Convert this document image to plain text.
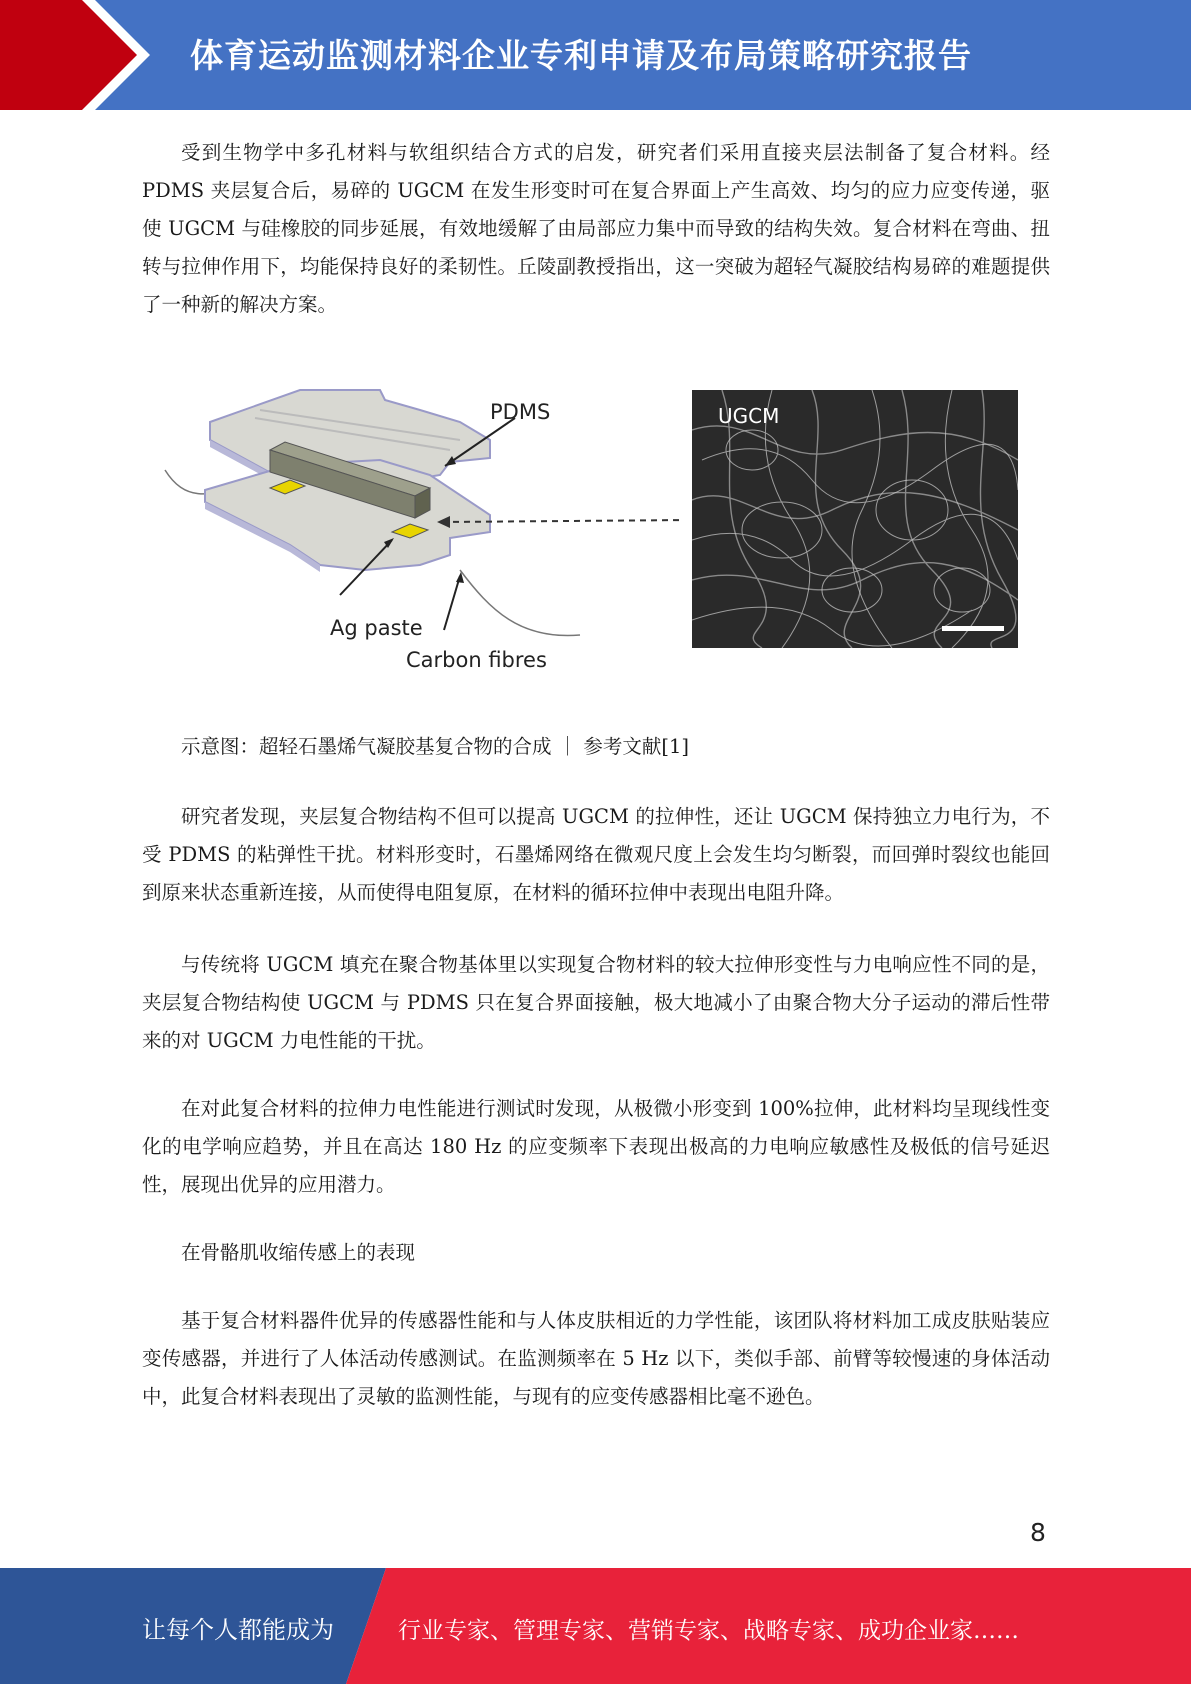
体育运动监测材料企业专利申请及布局策略研究报告

受到生物学中多孔材料与软组织结合方式的启发，研究者们采用直接夹层法制备了复合材料。经 PDMS 夹层复合后，易碎的 UGCM 在发生形变时可在复合界面上产生高效、均匀的应力应变传递，驱使 UGCM 与硅橡胶的同步延展，有效地缓解了由局部应力集中而导致的结构失效。复合材料在弯曲、扭转与拉伸作用下，均能保持良好的柔韧性。丘陵副教授指出，这一突破为超轻气凝胶结构易碎的难题提供了一种新的解决方案。

UGCM
PDMS
Ag paste
Carbon fibres

示意图：超轻石墨烯气凝胶基复合物的合成 ｜ 参考文献[1]

研究者发现，夹层复合物结构不但可以提高 UGCM 的拉伸性，还让 UGCM 保持独立力电行为，不受 PDMS 的粘弹性干扰。材料形变时，石墨烯网络在微观尺度上会发生均匀断裂，而回弹时裂纹也能回到原来状态重新连接，从而使得电阻复原，在材料的循环拉伸中表现出电阻升降。

与传统将 UGCM 填充在聚合物基体里以实现复合物材料的较大拉伸形变性与力电响应性不同的是，夹层复合物结构使 UGCM 与 PDMS 只在复合界面接触，极大地减小了由聚合物大分子运动的滞后性带来的对 UGCM 力电性能的干扰。

在对此复合材料的拉伸力电性能进行测试时发现，从极微小形变到 100%拉伸，此材料均呈现线性变化的电学响应趋势，并且在高达 180 Hz 的应变频率下表现出极高的力电响应敏感性及极低的信号延迟性，展现出优异的应用潜力。

在骨骼肌收缩传感上的表现

基于复合材料器件优异的传感器性能和与人体皮肤相近的力学性能，该团队将材料加工成皮肤贴装应变传感器，并进行了人体活动传感测试。在监测频率在 5 Hz 以下，类似手部、前臂等较慢速的身体活动中，此复合材料表现出了灵敏的监测性能，与现有的应变传感器相比毫不逊色。

8
让每个人都能成为	行业专家、管理专家、营销专家、战略专家、成功企业家……
